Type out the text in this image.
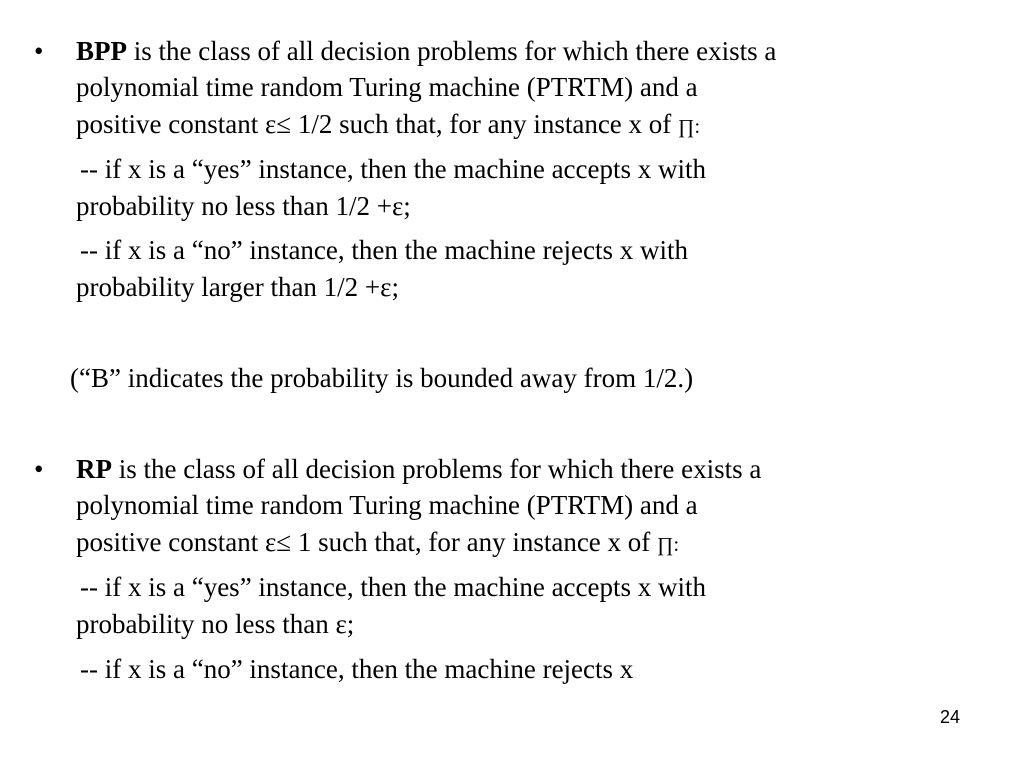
• BPP is the class of all decision problems for which there exists a
polynomial time random Turing machine (PTRTM) and a
positive constant ε≤ 1/2 such that, for any instance x of ∏:
-- if x is a “yes” instance, then the machine accepts x with
probability no less than 1/2 +ε;
-- if x is a “no” instance, then the machine rejects x with
probability larger than 1/2 +ε;
(“B” indicates the probability is bounded away from 1/2.)
• RP is the class of all decision problems for which there exists a
polynomial time random Turing machine (PTRTM) and a
positive constant ε≤ 1 such that, for any instance x of ∏:
-- if x is a “yes” instance, then the machine accepts x with
probability no less than ε;
-- if x is a “no” instance, then the machine rejects x
24
